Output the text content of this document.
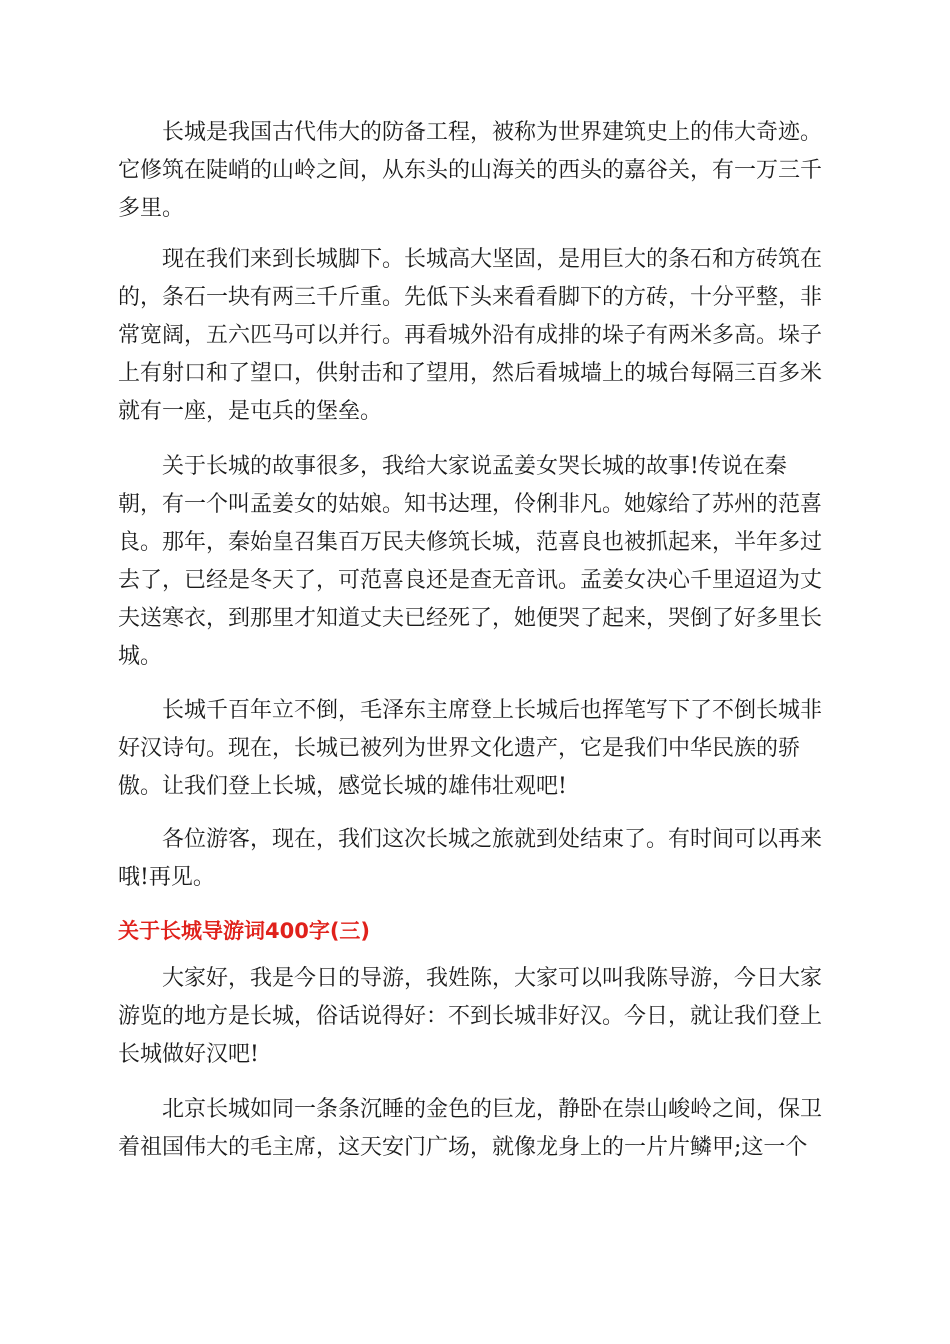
长城是我国古代伟大的防备工程，被称为世界建筑史上的伟大奇迹。
它修筑在陡峭的山岭之间，从东头的山海关的西头的嘉谷关，有一万三千
多里。
现在我们来到长城脚下。长城高大坚固，是用巨大的条石和方砖筑在
的，条石一块有两三千斤重。先低下头来看看脚下的方砖，十分平整，非
常宽阔，五六匹马可以并行。再看城外沿有成排的垛子有两米多高。垛子
上有射口和了望口，供射击和了望用，然后看城墙上的城台每隔三百多米
就有一座，是屯兵的堡垒。
关于长城的故事很多，我给大家说孟姜女哭长城的故事!传说在秦
朝，有一个叫孟姜女的姑娘。知书达理，伶俐非凡。她嫁给了苏州的范喜
良。那年，秦始皇召集百万民夫修筑长城，范喜良也被抓起来，半年多过
去了，已经是冬天了，可范喜良还是查无音讯。孟姜女决心千里迢迢为丈
夫送寒衣，到那里才知道丈夫已经死了，她便哭了起来，哭倒了好多里长
城。
长城千百年立不倒，毛泽东主席登上长城后也挥笔写下了不倒长城非
好汉诗句。现在，长城已被列为世界文化遗产，它是我们中华民族的骄
傲。让我们登上长城，感觉长城的雄伟壮观吧!
各位游客，现在，我们这次长城之旅就到处结束了。有时间可以再来
哦!再见。
关于长城导游词400字(三)
大家好，我是今日的导游，我姓陈，大家可以叫我陈导游，今日大家
游览的地方是长城，俗话说得好：不到长城非好汉。今日，就让我们登上
长城做好汉吧!
北京长城如同一条条沉睡的金色的巨龙，静卧在崇山峻岭之间，保卫
着祖国伟大的毛主席，这天安门广场，就像龙身上的一片片鳞甲;这一个
